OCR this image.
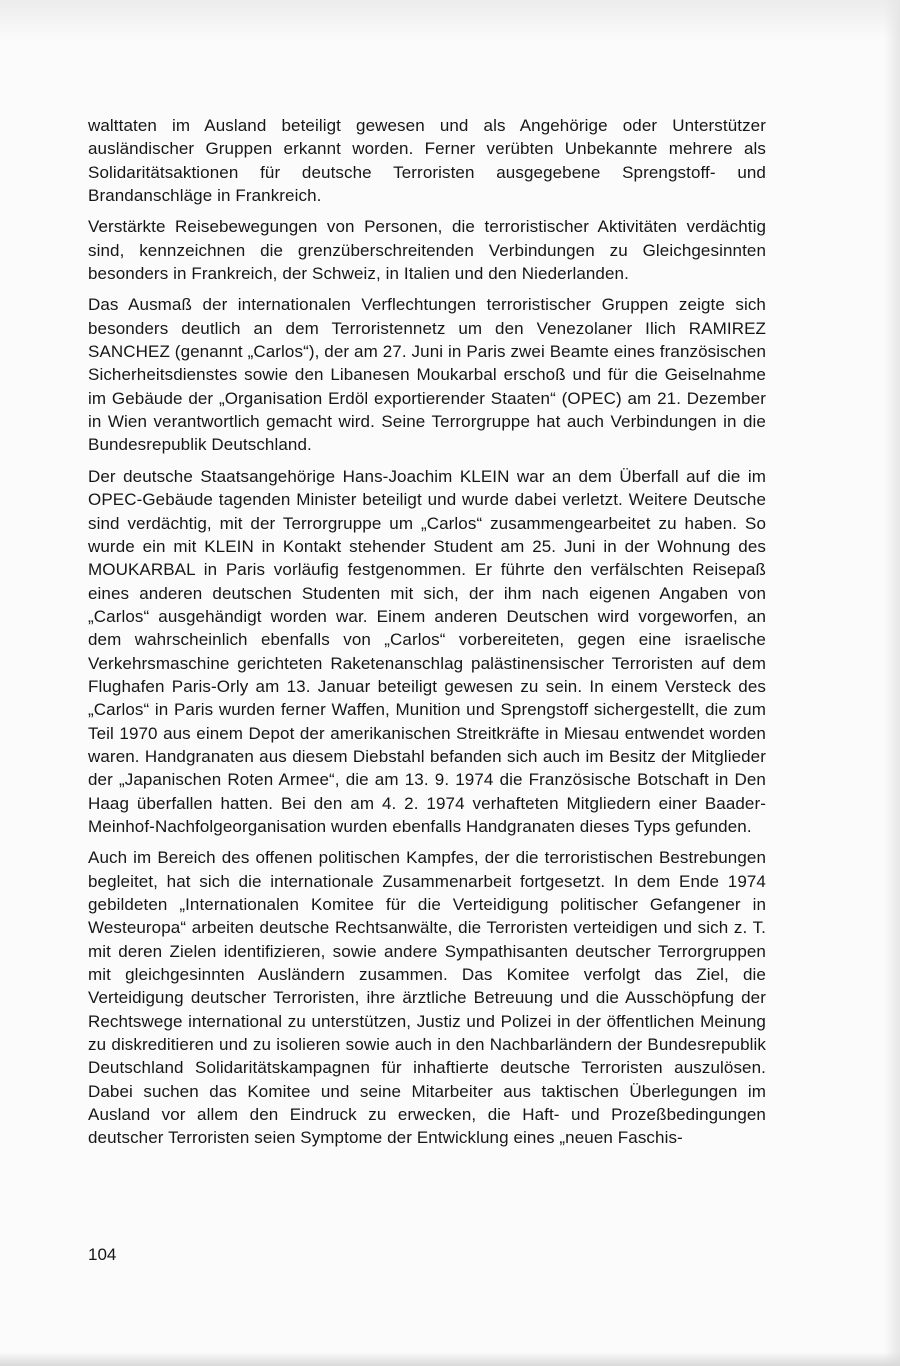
walttaten im Ausland beteiligt gewesen und als Angehörige oder Unterstützer ausländischer Gruppen erkannt worden. Ferner verübten Unbekannte mehrere als Solidaritätsaktionen für deutsche Terroristen ausgegebene Sprengstoff- und Brandanschläge in Frankreich.

Verstärkte Reisebewegungen von Personen, die terroristischer Aktivitäten verdächtig sind, kennzeichnen die grenzüberschreitenden Verbindungen zu Gleichgesinnten besonders in Frankreich, der Schweiz, in Italien und den Niederlanden.

Das Ausmaß der internationalen Verflechtungen terroristischer Gruppen zeigte sich besonders deutlich an dem Terroristennetz um den Venezolaner Ilich RAMIREZ SANCHEZ (genannt „Carlos“), der am 27. Juni in Paris zwei Beamte eines französischen Sicherheitsdienstes sowie den Libanesen Moukarbal erschoß und für die Geiselnahme im Gebäude der „Organisation Erdöl exportierender Staaten“ (OPEC) am 21. Dezember in Wien verantwortlich gemacht wird. Seine Terrorgruppe hat auch Verbindungen in die Bundesrepublik Deutschland.

Der deutsche Staatsangehörige Hans-Joachim KLEIN war an dem Überfall auf die im OPEC-Gebäude tagenden Minister beteiligt und wurde dabei verletzt. Weitere Deutsche sind verdächtig, mit der Terrorgruppe um „Carlos“ zusammengearbeitet zu haben. So wurde ein mit KLEIN in Kontakt stehender Student am 25. Juni in der Wohnung des MOUKARBAL in Paris vorläufig festgenommen. Er führte den verfälschten Reisepaß eines anderen deutschen Studenten mit sich, der ihm nach eigenen Angaben von „Carlos“ ausgehändigt worden war. Einem anderen Deutschen wird vorgeworfen, an dem wahrscheinlich ebenfalls von „Carlos“ vorbereiteten, gegen eine israelische Verkehrsmaschine gerichteten Raketenanschlag palästinensischer Terroristen auf dem Flughafen Paris-Orly am 13. Januar beteiligt gewesen zu sein. In einem Versteck des „Carlos“ in Paris wurden ferner Waffen, Munition und Sprengstoff sichergestellt, die zum Teil 1970 aus einem Depot der amerikanischen Streitkräfte in Miesau entwendet worden waren. Handgranaten aus diesem Diebstahl befanden sich auch im Besitz der Mitglieder der „Japanischen Roten Armee“, die am 13. 9. 1974 die Französische Botschaft in Den Haag überfallen hatten. Bei den am 4. 2. 1974 verhafteten Mitgliedern einer Baader-Meinhof-Nachfolgeorganisation wurden ebenfalls Handgranaten dieses Typs gefunden.

Auch im Bereich des offenen politischen Kampfes, der die terroristischen Bestrebungen begleitet, hat sich die internationale Zusammenarbeit fortgesetzt. In dem Ende 1974 gebildeten „Internationalen Komitee für die Verteidigung politischer Gefangener in Westeuropa“ arbeiten deutsche Rechtsanwälte, die Terroristen verteidigen und sich z. T. mit deren Zielen identifizieren, sowie andere Sympathisanten deutscher Terrorgruppen mit gleichgesinnten Ausländern zusammen. Das Komitee verfolgt das Ziel, die Verteidigung deutscher Terroristen, ihre ärztliche Betreuung und die Ausschöpfung der Rechtswege international zu unterstützen, Justiz und Polizei in der öffentlichen Meinung zu diskreditieren und zu isolieren sowie auch in den Nachbarländern der Bundesrepublik Deutschland Solidaritätskampagnen für inhaftierte deutsche Terroristen auszulösen. Dabei suchen das Komitee und seine Mitarbeiter aus taktischen Überlegungen im Ausland vor allem den Eindruck zu erwecken, die Haft- und Prozeßbedingungen deutscher Terroristen seien Symptome der Entwicklung eines „neuen Faschis-

104
